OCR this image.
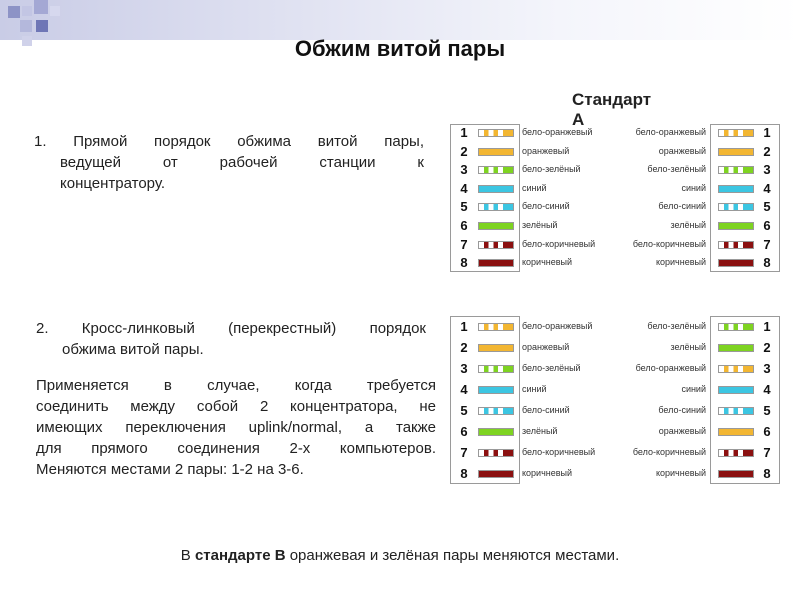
Обжим витой пары
Стандарт А
1. Прямой порядок обжима витой пары,
ведущей от рабочей станции к
концентратору.
2. Кросс-линковый (перекрестный) порядок
обжима витой пары.
Применяется в случае, когда требуется
соединить между собой 2 концентратора, не
имеющих переключения uplink/normal, а также
для прямого соединения 2-х компьютеров.
Меняются местами 2 пары: 1-2 на 3-6.
В стандарте В оранжевая и зелёная пары меняются местами.
1	бело-оранжевый	бело-оранжевый	1
2	оранжевый	оранжевый	2
3	бело-зелёный	бело-зелёный	3
4	синий	синий	4
5	бело-синий	бело-синий	5
6	зелёный	зелёный	6
7	бело-коричневый	бело-коричневый	7
8	коричневый	коричневый	8
1	бело-оранжевый	бело-зелёный	1
2	оранжевый	зелёный	2
3	бело-зелёный	бело-оранжевый	3
4	синий	синий	4
5	бело-синий	бело-синий	5
6	зелёный	оранжевый	6
7	бело-коричневый	бело-коричневый	7
8	коричневый	коричневый	8
